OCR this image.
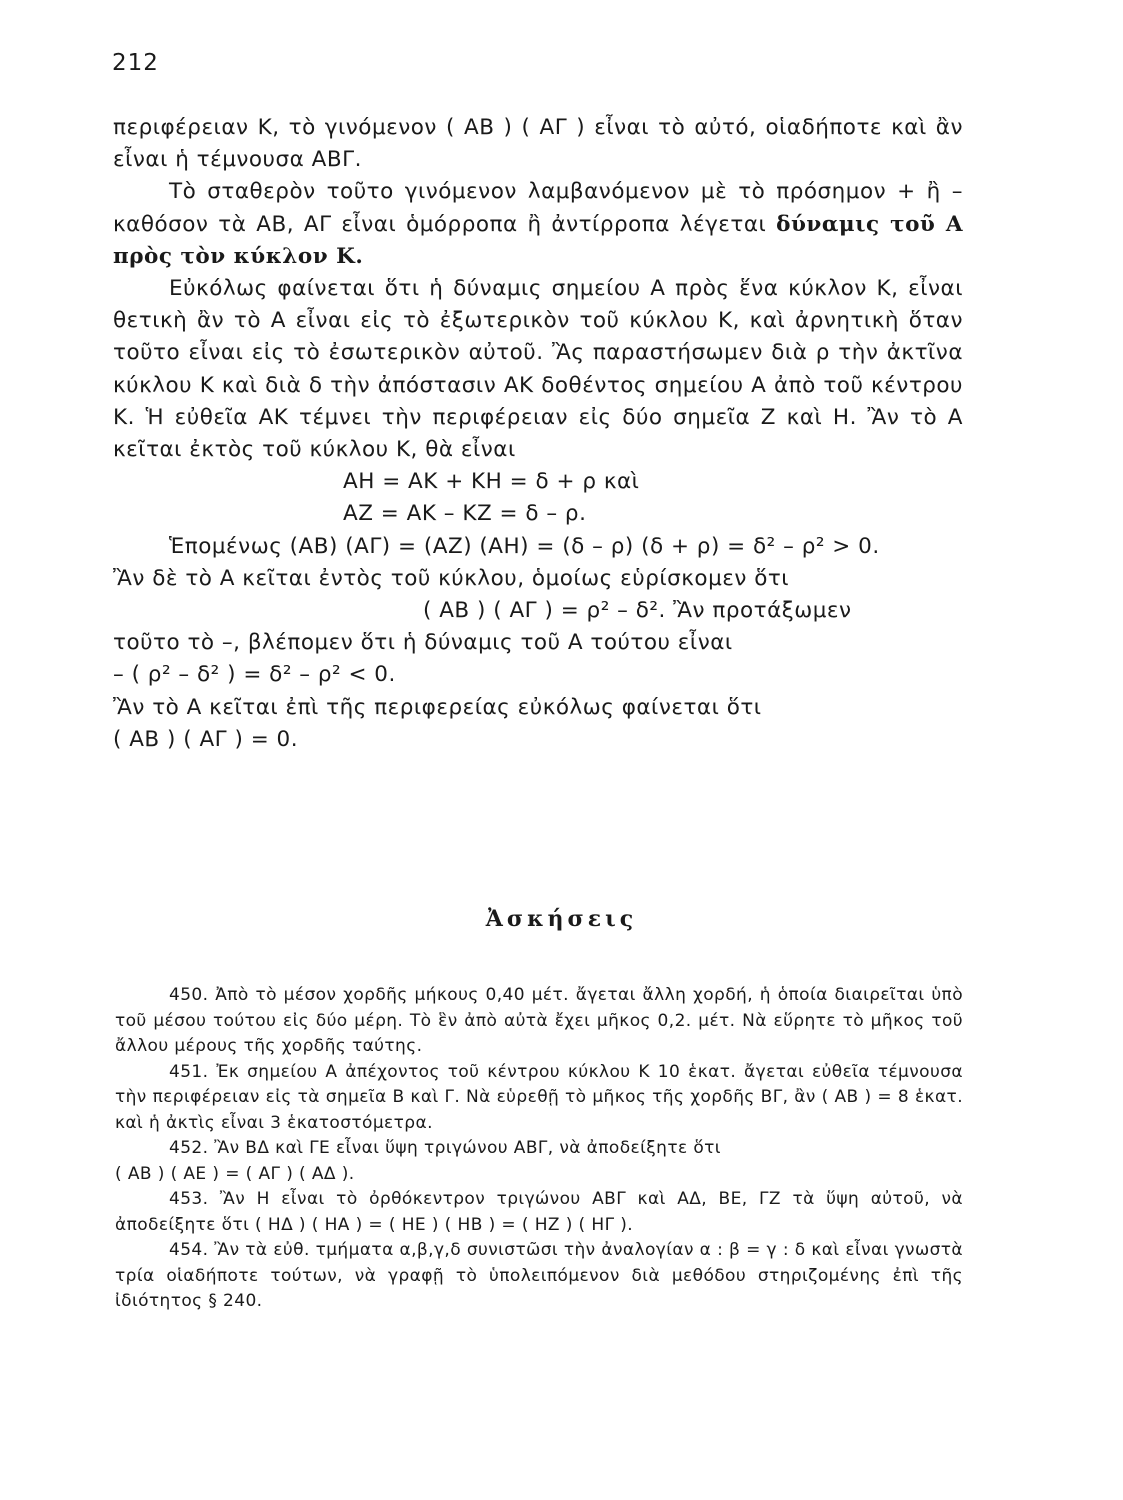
212

περιφέρειαν Κ, τὸ γινόμενον ( ΑΒ ) ( ΑΓ ) εἶναι τὸ αὐτό, οἱαδήποτε καὶ ἂν εἶναι ἡ τέμνουσα ΑΒΓ.

Τὸ σταθερὸν τοῦτο γινόμενον λαμβανόμενον μὲ τὸ πρόσημον + ἢ – καθόσον τὰ ΑΒ, ΑΓ εἶναι ὁμόρροπα ἢ ἀντίρροπα λέγεται δύναμις τοῦ Α πρὸς τὸν κύκλον Κ.

Εὐκόλως φαίνεται ὅτι ἡ δύναμις σημείου Α πρὸς ἕνα κύκλον Κ, εἶναι θετικὴ ἂν τὸ Α εἶναι εἰς τὸ ἐξωτερικὸν τοῦ κύκλου Κ, καὶ ἀρνητικὴ ὅταν τοῦτο εἶναι εἰς τὸ ἐσωτερικὸν αὐτοῦ. Ἂς παραστήσωμεν διὰ ρ τὴν ἀκτῖνα κύκλου Κ καὶ διὰ δ τὴν ἀπόστασιν ΑΚ δοθέντος σημείου Α ἀπὸ τοῦ κέντρου Κ. Ἡ εὐθεῖα ΑΚ τέμνει τὴν περιφέρειαν εἰς δύο σημεῖα Ζ καὶ Η. Ἂν τὸ Α κεῖται ἐκτὸς τοῦ κύκλου Κ, θὰ εἶναι

ΑΗ = ΑΚ + ΚΗ = δ + ρ καὶ

ΑΖ = ΑΚ – ΚΖ = δ – ρ.

Ἑπομένως (ΑΒ) (ΑΓ) = (ΑΖ) (ΑΗ) = (δ – ρ) (δ + ρ) = δ² – ρ² > 0.

Ἂν δὲ τὸ Α κεῖται ἐντὸς τοῦ κύκλου, ὁμοίως εὑρίσκομεν ὅτι

( ΑΒ ) ( ΑΓ ) = ρ² – δ². Ἂν προτάξωμεν

τοῦτο τὸ –, βλέπομεν ὅτι ἡ δύναμις τοῦ Α τούτου εἶναι

– ( ρ² – δ² ) = δ² – ρ² < 0.

Ἂν τὸ Α κεῖται ἐπὶ τῆς περιφερείας εὐκόλως φαίνεται ὅτι

( ΑΒ ) ( ΑΓ ) = 0.

Ἀσκήσεις

450. Ἀπὸ τὸ μέσον χορδῆς μήκους 0,40 μέτ. ἄγεται ἄλλη χορδή, ἡ ὁποία διαιρεῖται ὑπὸ τοῦ μέσου τούτου εἰς δύο μέρη. Τὸ ἓν ἀπὸ αὐτὰ ἔχει μῆκος 0,2. μέτ. Νὰ εὕρητε τὸ μῆκος τοῦ ἄλλου μέρους τῆς χορδῆς ταύτης.

451. Ἐκ σημείου Α ἀπέχοντος τοῦ κέντρου κύκλου Κ 10 ἑκατ. ἄγεται εὐθεῖα τέμνουσα τὴν περιφέρειαν εἰς τὰ σημεῖα Β καὶ Γ. Νὰ εὑρεθῇ τὸ μῆκος τῆς χορδῆς ΒΓ, ἂν ( ΑΒ ) = 8 ἑκατ. καὶ ἡ ἀκτὶς εἶναι 3 ἑκατοστόμετρα.

452. Ἂν ΒΔ καὶ ΓΕ εἶναι ὕψη τριγώνου ΑΒΓ, νὰ ἀποδείξητε ὅτι

( ΑΒ ) ( ΑΕ ) = ( ΑΓ ) ( ΑΔ ).

453. Ἂν Η εἶναι τὸ ὀρθόκεντρον τριγώνου ΑΒΓ καὶ ΑΔ, ΒΕ, ΓΖ τὰ ὕψη αὐτοῦ, νὰ ἀποδείξητε ὅτι ( ΗΔ ) ( ΗΑ ) = ( ΗΕ ) ( ΗΒ ) = ( ΗΖ ) ( ΗΓ ).

454. Ἂν τὰ εὐθ. τμήματα α,β,γ,δ συνιστῶσι τὴν ἀναλογίαν α : β = γ : δ καὶ εἶναι γνωστὰ τρία οἱαδήποτε τούτων, νὰ γραφῇ τὸ ὑπολειπόμενον διὰ μεθόδου στηριζομένης ἐπὶ τῆς ἰδιότητος § 240.
